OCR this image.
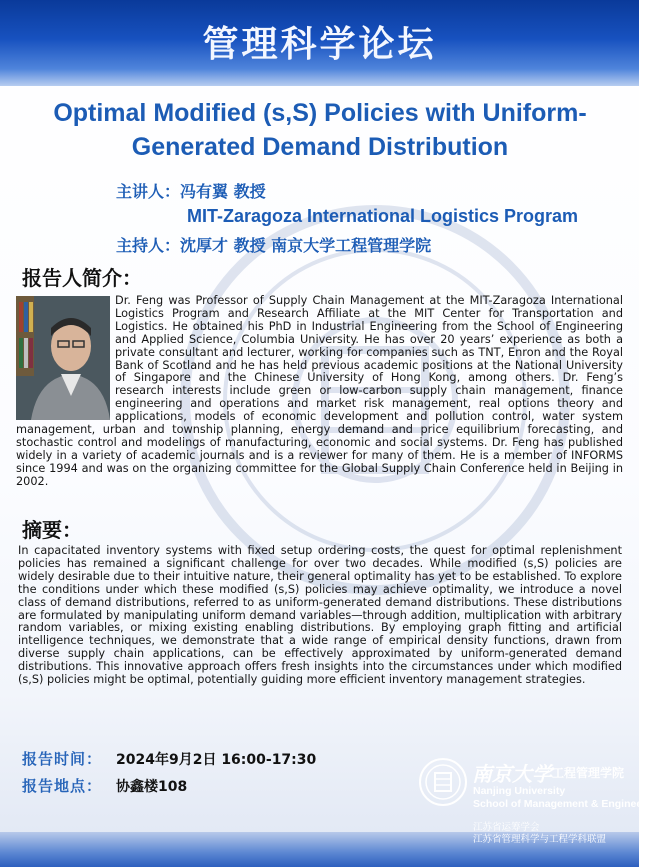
管理科学论坛
Optimal Modified (s,S) Policies with Uniform-Generated Demand Distribution
主讲人：冯有翼 教授
MIT-Zaragoza International Logistics Program
主持人：沈厚才 教授 南京大学工程管理学院
报告人简介：

Dr. Feng was Professor of Supply Chain Management at the MIT-Zaragoza International Logistics Program and Research Affiliate at the MIT Center for Transportation and Logistics. He obtained his PhD in Industrial Engineering from the School of Engineering and Applied Science, Columbia University. He has over 20 years’ experience as both a private consultant and lecturer, working for companies such as TNT, Enron and the Royal Bank of Scotland and he has held previous academic positions at the National University of Singapore and the Chinese University of Hong Kong, among others. Dr. Feng’s research interests include green or low-carbon supply chain management, finance engineering and operations and market risk management, real options theory and applications, models of economic development and pollution control, water system management, urban and township planning, energy demand and price equilibrium forecasting, and stochastic control and modelings of manufacturing, economic and social systems. Dr. Feng has published widely in a variety of academic journals and is a reviewer for many of them. He is a member of INFORMS since 1994 and was on the organizing committee for the Global Supply Chain Conference held in Beijing in 2002.

摘要：

In capacitated inventory systems with fixed setup ordering costs, the quest for optimal replenishment policies has remained a significant challenge for over two decades. While modified (s,S) policies are widely desirable due to their intuitive nature, their general optimality has yet to be established. To explore the conditions under which these modified (s,S) policies may achieve optimality, we introduce a novel class of demand distributions, referred to as uniform-generated demand distributions. These distributions are formulated by manipulating uniform demand variables—through addition, multiplication with arbitrary random variables, or mixing existing enabling distributions. By employing graph fitting and artificial intelligence techniques, we demonstrate that a wide range of empirical density functions, drawn from diverse supply chain applications, can be effectively approximated by uniform-generated demand distributions. This innovative approach offers fresh insights into the circumstances under which modified (s,S) policies might be optimal, potentially guiding more efficient inventory management strategies.

报告时间： 2024年9月2日 16:00-17:30
报告地点： 协鑫楼108
南京大学 工程管理学院
Nanjing University
School of Management & Engineering
江苏省运筹学会
江苏省管理科学与工程学科联盟
